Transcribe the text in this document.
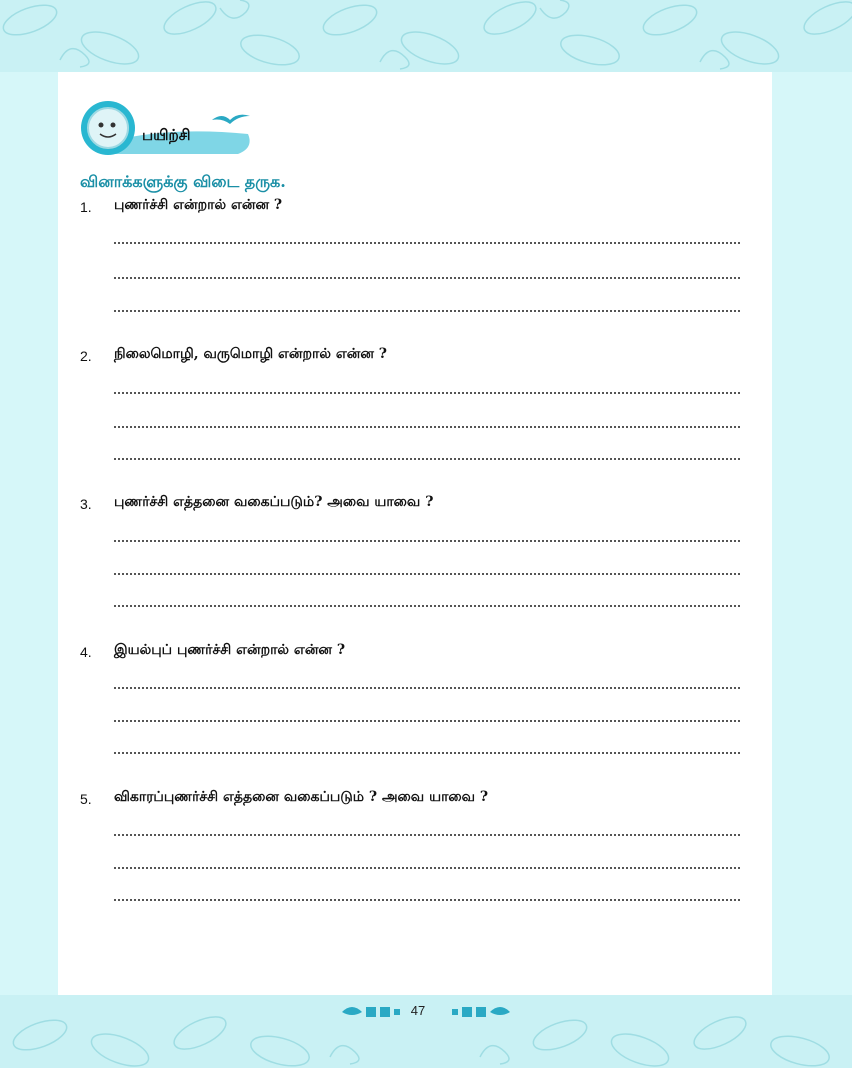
பயிற்சி
வினாக்களுக்கு விடை தருக.
1. புணர்ச்சி என்றால் என்ன ?
2. நிலைமொழி, வருமொழி என்றால் என்ன ?
3. புணர்ச்சி எத்தனை வகைப்படும்? அவை யாவை ?
4. இயல்புப் புணர்ச்சி என்றால் என்ன ?
5. விகாரப்புணர்ச்சி எத்தனை வகைப்படும் ? அவை யாவை ?
47
